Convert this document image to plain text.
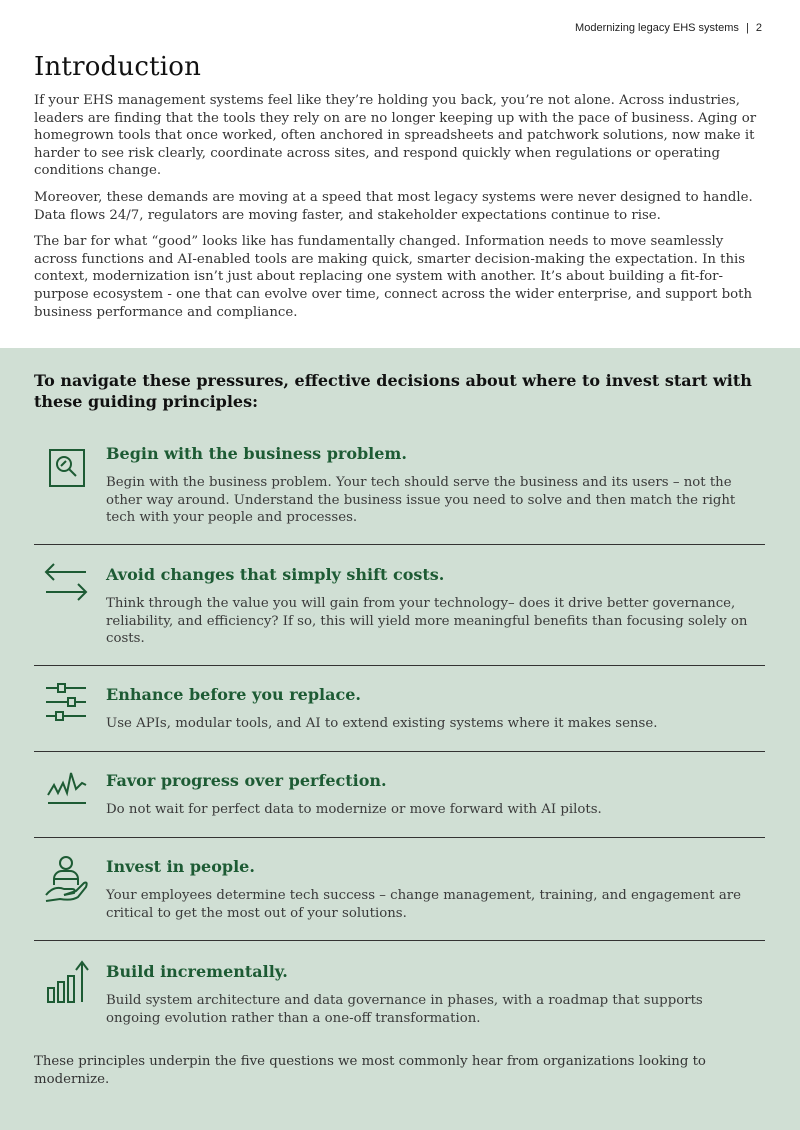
Modernizing legacy EHS systems | 2
Introduction

If your EHS management systems feel like they’re holding you back, you’re not alone. Across industries, leaders are finding that the tools they rely on are no longer keeping up with the pace of business. Aging or homegrown tools that once worked, often anchored in spreadsheets and patchwork solutions, now make it harder to see risk clearly, coordinate across sites, and respond quickly when regulations or operating conditions change.

Moreover, these demands are moving at a speed that most legacy systems were never designed to handle. Data flows 24/7, regulators are moving faster, and stakeholder expectations continue to rise.

The bar for what “good” looks like has fundamentally changed. Information needs to move seamlessly across functions and AI-enabled tools are making quick, smarter decision-making the expectation. In this context, modernization isn’t just about replacing one system with another. It’s about building a fit-for-purpose ecosystem - one that can evolve over time, connect across the wider enterprise, and support both business performance and compliance.

To navigate these pressures, effective decisions about where to invest start with these guiding principles:

Begin with the business problem.

Begin with the business problem. Your tech should serve the business and its users – not the other way around. Understand the business issue you need to solve and then match the right tech with your people and processes.

Avoid changes that simply shift costs.

Think through the value you will gain from your technology– does it drive better governance, reliability, and efficiency? If so, this will yield more meaningful benefits than focusing solely on costs.

Enhance before you replace.

Use APIs, modular tools, and AI to extend existing systems where it makes sense.

Favor progress over perfection.

Do not wait for perfect data to modernize or move forward with AI pilots.

Invest in people.

Your employees determine tech success – change management, training, and engagement are critical to get the most out of your solutions.

Build incrementally.

Build system architecture and data governance in phases, with a roadmap that supports ongoing evolution rather than a one-off transformation.

These principles underpin the five questions we most commonly hear from organizations looking to modernize.
